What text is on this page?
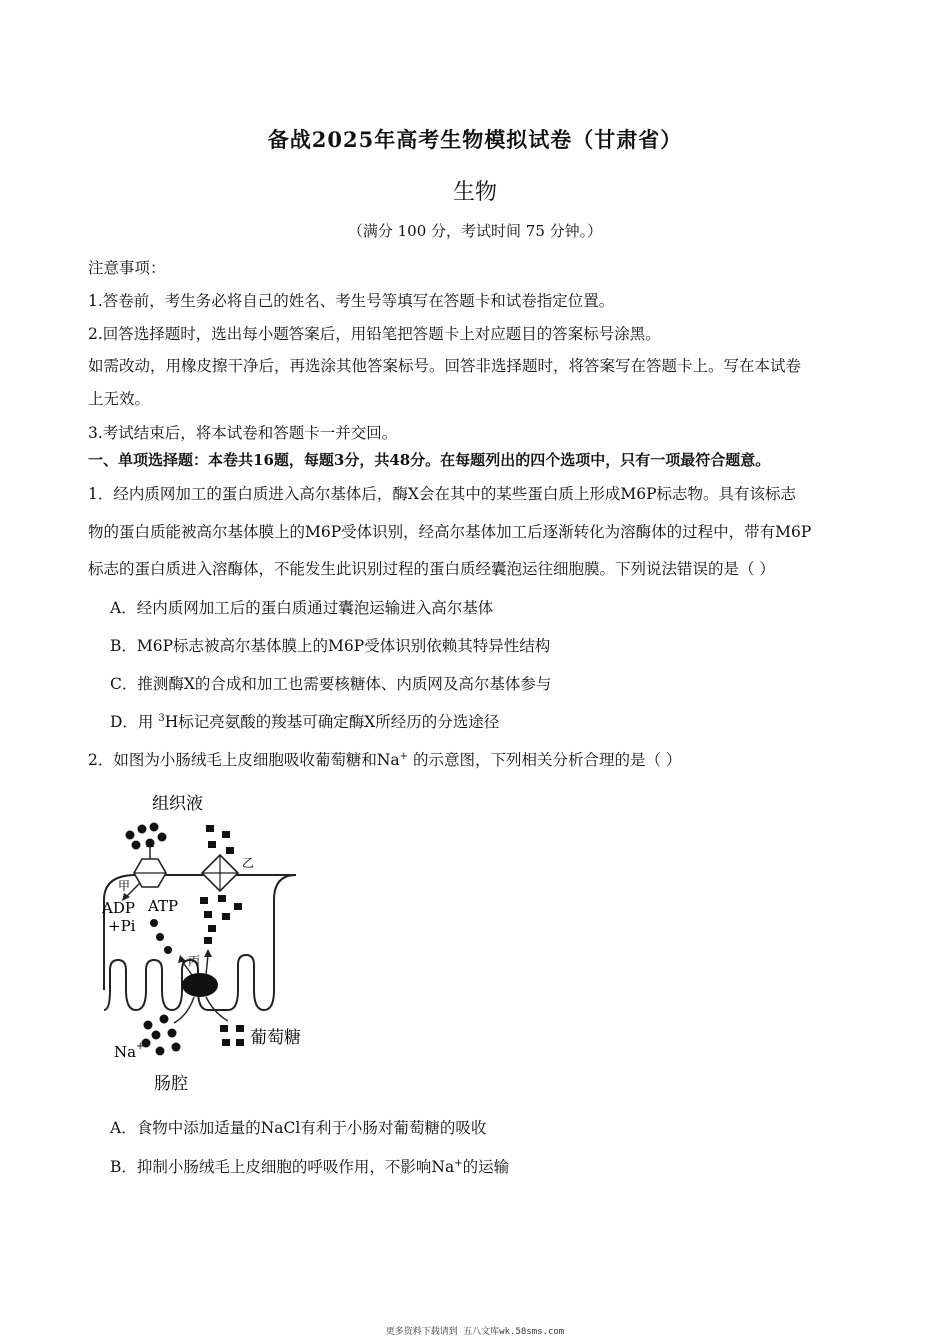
备战2025年高考生物模拟试卷（甘肃省）
生物
（满分 100 分，考试时间 75 分钟。）
注意事项：
1.答卷前，考生务必将自己的姓名、考生号等填写在答题卡和试卷指定位置。
2.回答选择题时，选出每小题答案后，用铅笔把答题卡上对应题目的答案标号涂黑。
如需改动，用橡皮擦干净后，再选涂其他答案标号。回答非选择题时，将答案写在答题卡上。写在本试卷
上无效。
3.考试结束后，将本试卷和答题卡一并交回。
一、单项选择题：本卷共16题，每题3分，共48分。在每题列出的四个选项中，只有一项最符合题意。
1．经内质网加工的蛋白质进入高尔基体后，酶X会在其中的某些蛋白质上形成M6P标志物。具有该标志
物的蛋白质能被高尔基体膜上的M6P受体识别，经高尔基体加工后逐渐转化为溶酶体的过程中，带有M6P
标志的蛋白质进入溶酶体，不能发生此识别过程的蛋白质经囊泡运往细胞膜。下列说法错误的是（ ）
A．经内质网加工后的蛋白质通过囊泡运输进入高尔基体
B．M6P标志被高尔基体膜上的M6P受体识别依赖其特异性结构
C．推测酶X的合成和加工也需要核糖体、内质网及高尔基体参与
D．用 $^3$H标记亮氨酸的羧基可确定酶X所经历的分选途径
2．如图为小肠绒毛上皮细胞吸收葡萄糖和Na+ 的示意图，下列相关分析合理的是（ ）
组织液
甲
乙
丙
ADP
+Pi
ATP
葡萄糖
Na +
肠腔
A．食物中添加适量的NaCl有利于小肠对葡萄糖的吸收
B．抑制小肠绒毛上皮细胞的呼吸作用，不影响Na+的运输
更多资料下载请到 五八文库wk.58sms.com
